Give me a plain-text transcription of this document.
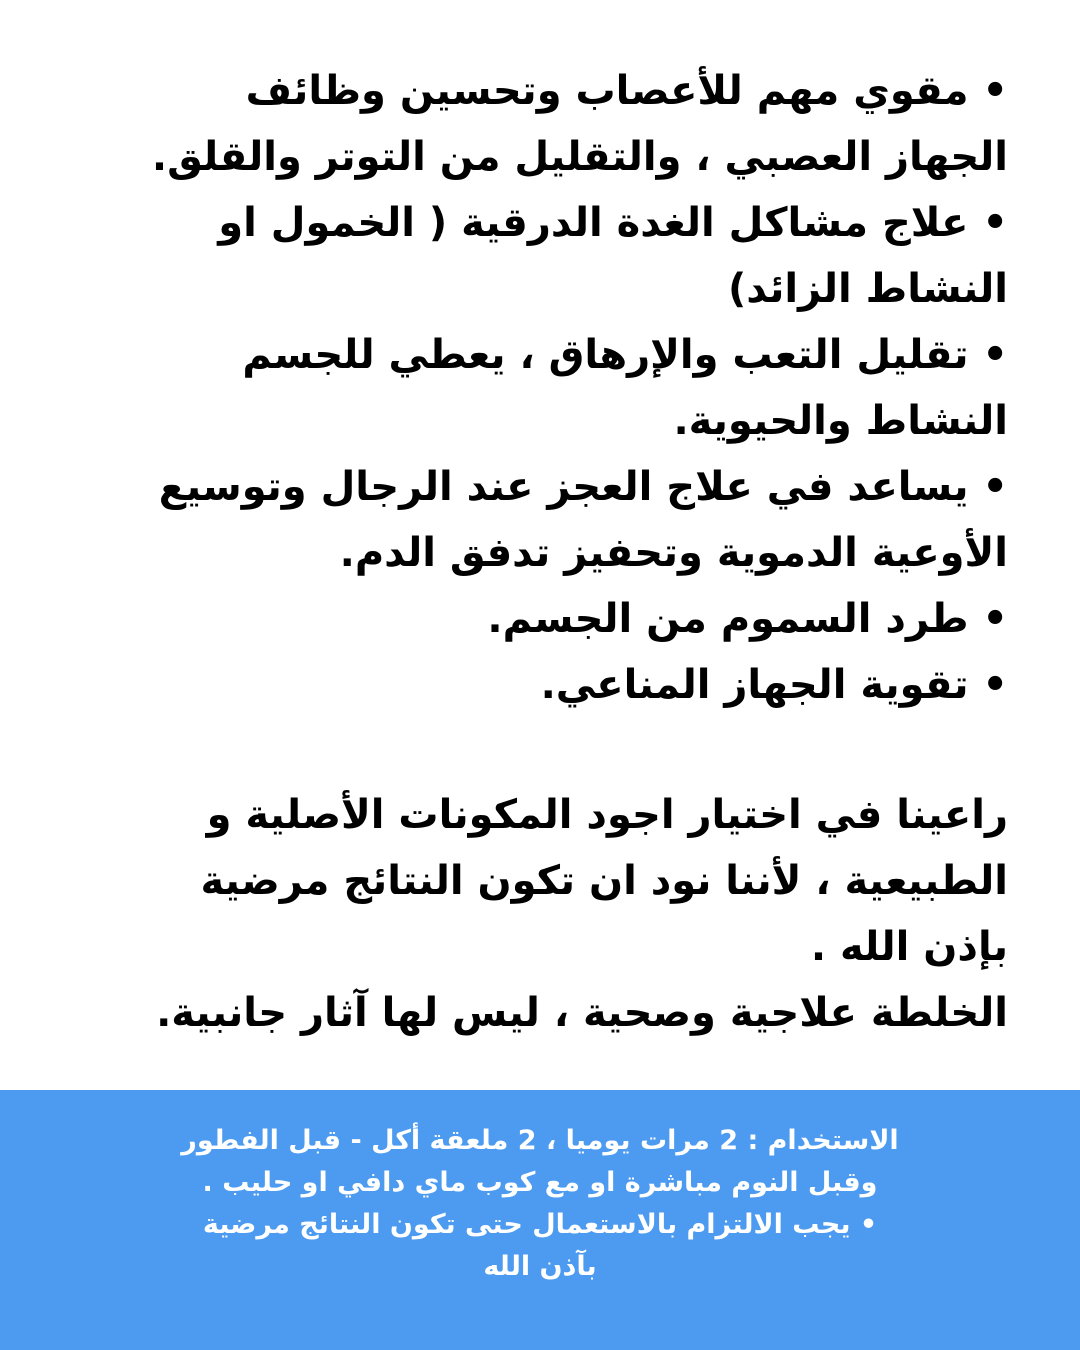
• مقوي مهم للأعصاب وتحسين وظائف

الجهاز العصبي ، والتقليل من التوتر والقلق.

• علاج مشاكل الغدة الدرقية ( الخمول او

النشاط الزائد)

• تقليل التعب والإرهاق ، يعطي للجسم

النشاط والحيوية.

• يساعد في علاج العجز عند الرجال وتوسيع

الأوعية الدموية وتحفيز تدفق الدم.

• طرد السموم من الجسم.

• تقوية الجهاز المناعي.

راعينا في اختيار اجود المكونات الأصلية و

الطبيعية ، لأننا نود ان تكون النتائج مرضية

بإذن الله .

الخلطة علاجية وصحية ، ليس لها آثار جانبية.

الاستخدام : 2 مرات يوميا ، 2 ملعقة أكل - قبل الفطور

وقبل النوم مباشرة او مع كوب ماي دافي او حليب .

• يجب الالتزام بالاستعمال حتى تكون النتائج مرضية

بآذن الله
